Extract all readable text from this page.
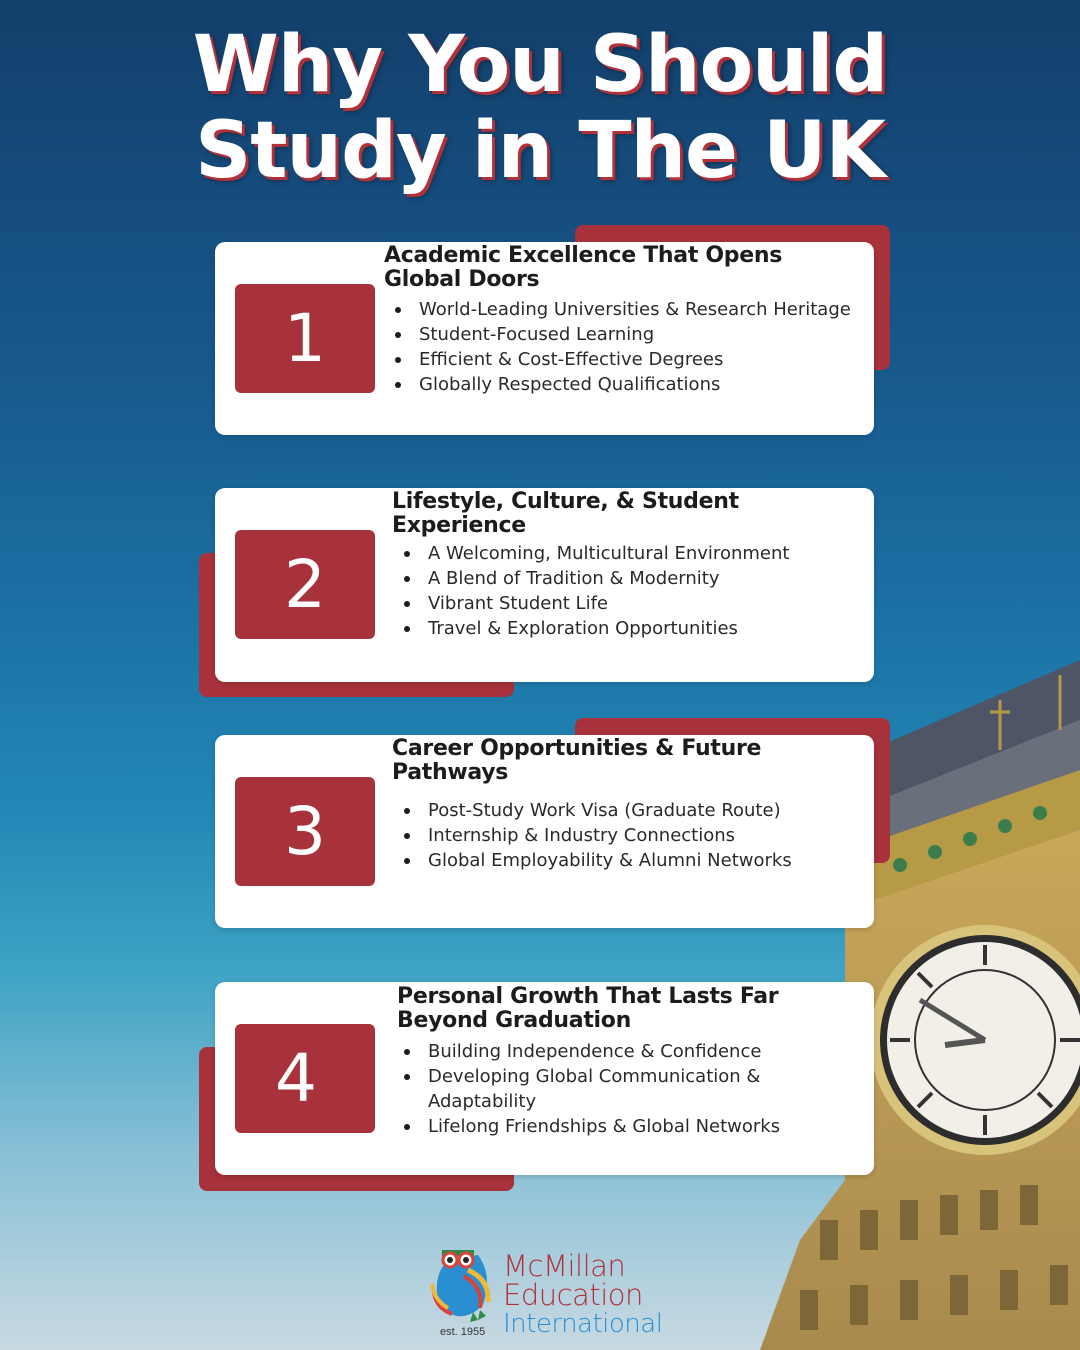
Why You Should
Study in The UK
1
Academic Excellence That Opens Global Doors
World-Leading Universities & Research Heritage
Student-Focused Learning
Efficient & Cost-Effective Degrees
Globally Respected Qualifications
2
Lifestyle, Culture, & Student Experience
A Welcoming, Multicultural Environment
A Blend of Tradition & Modernity
Vibrant Student Life
Travel & Exploration Opportunities
3
Career Opportunities & Future Pathways
Post-Study Work Visa (Graduate Route)
Internship & Industry Connections
Global Employability & Alumni Networks
4
Personal Growth That Lasts Far Beyond Graduation
Building Independence & Confidence
Developing Global Communication & Adaptability
Lifelong Friendships & Global Networks
McMillan
Education
International
est. 1955
